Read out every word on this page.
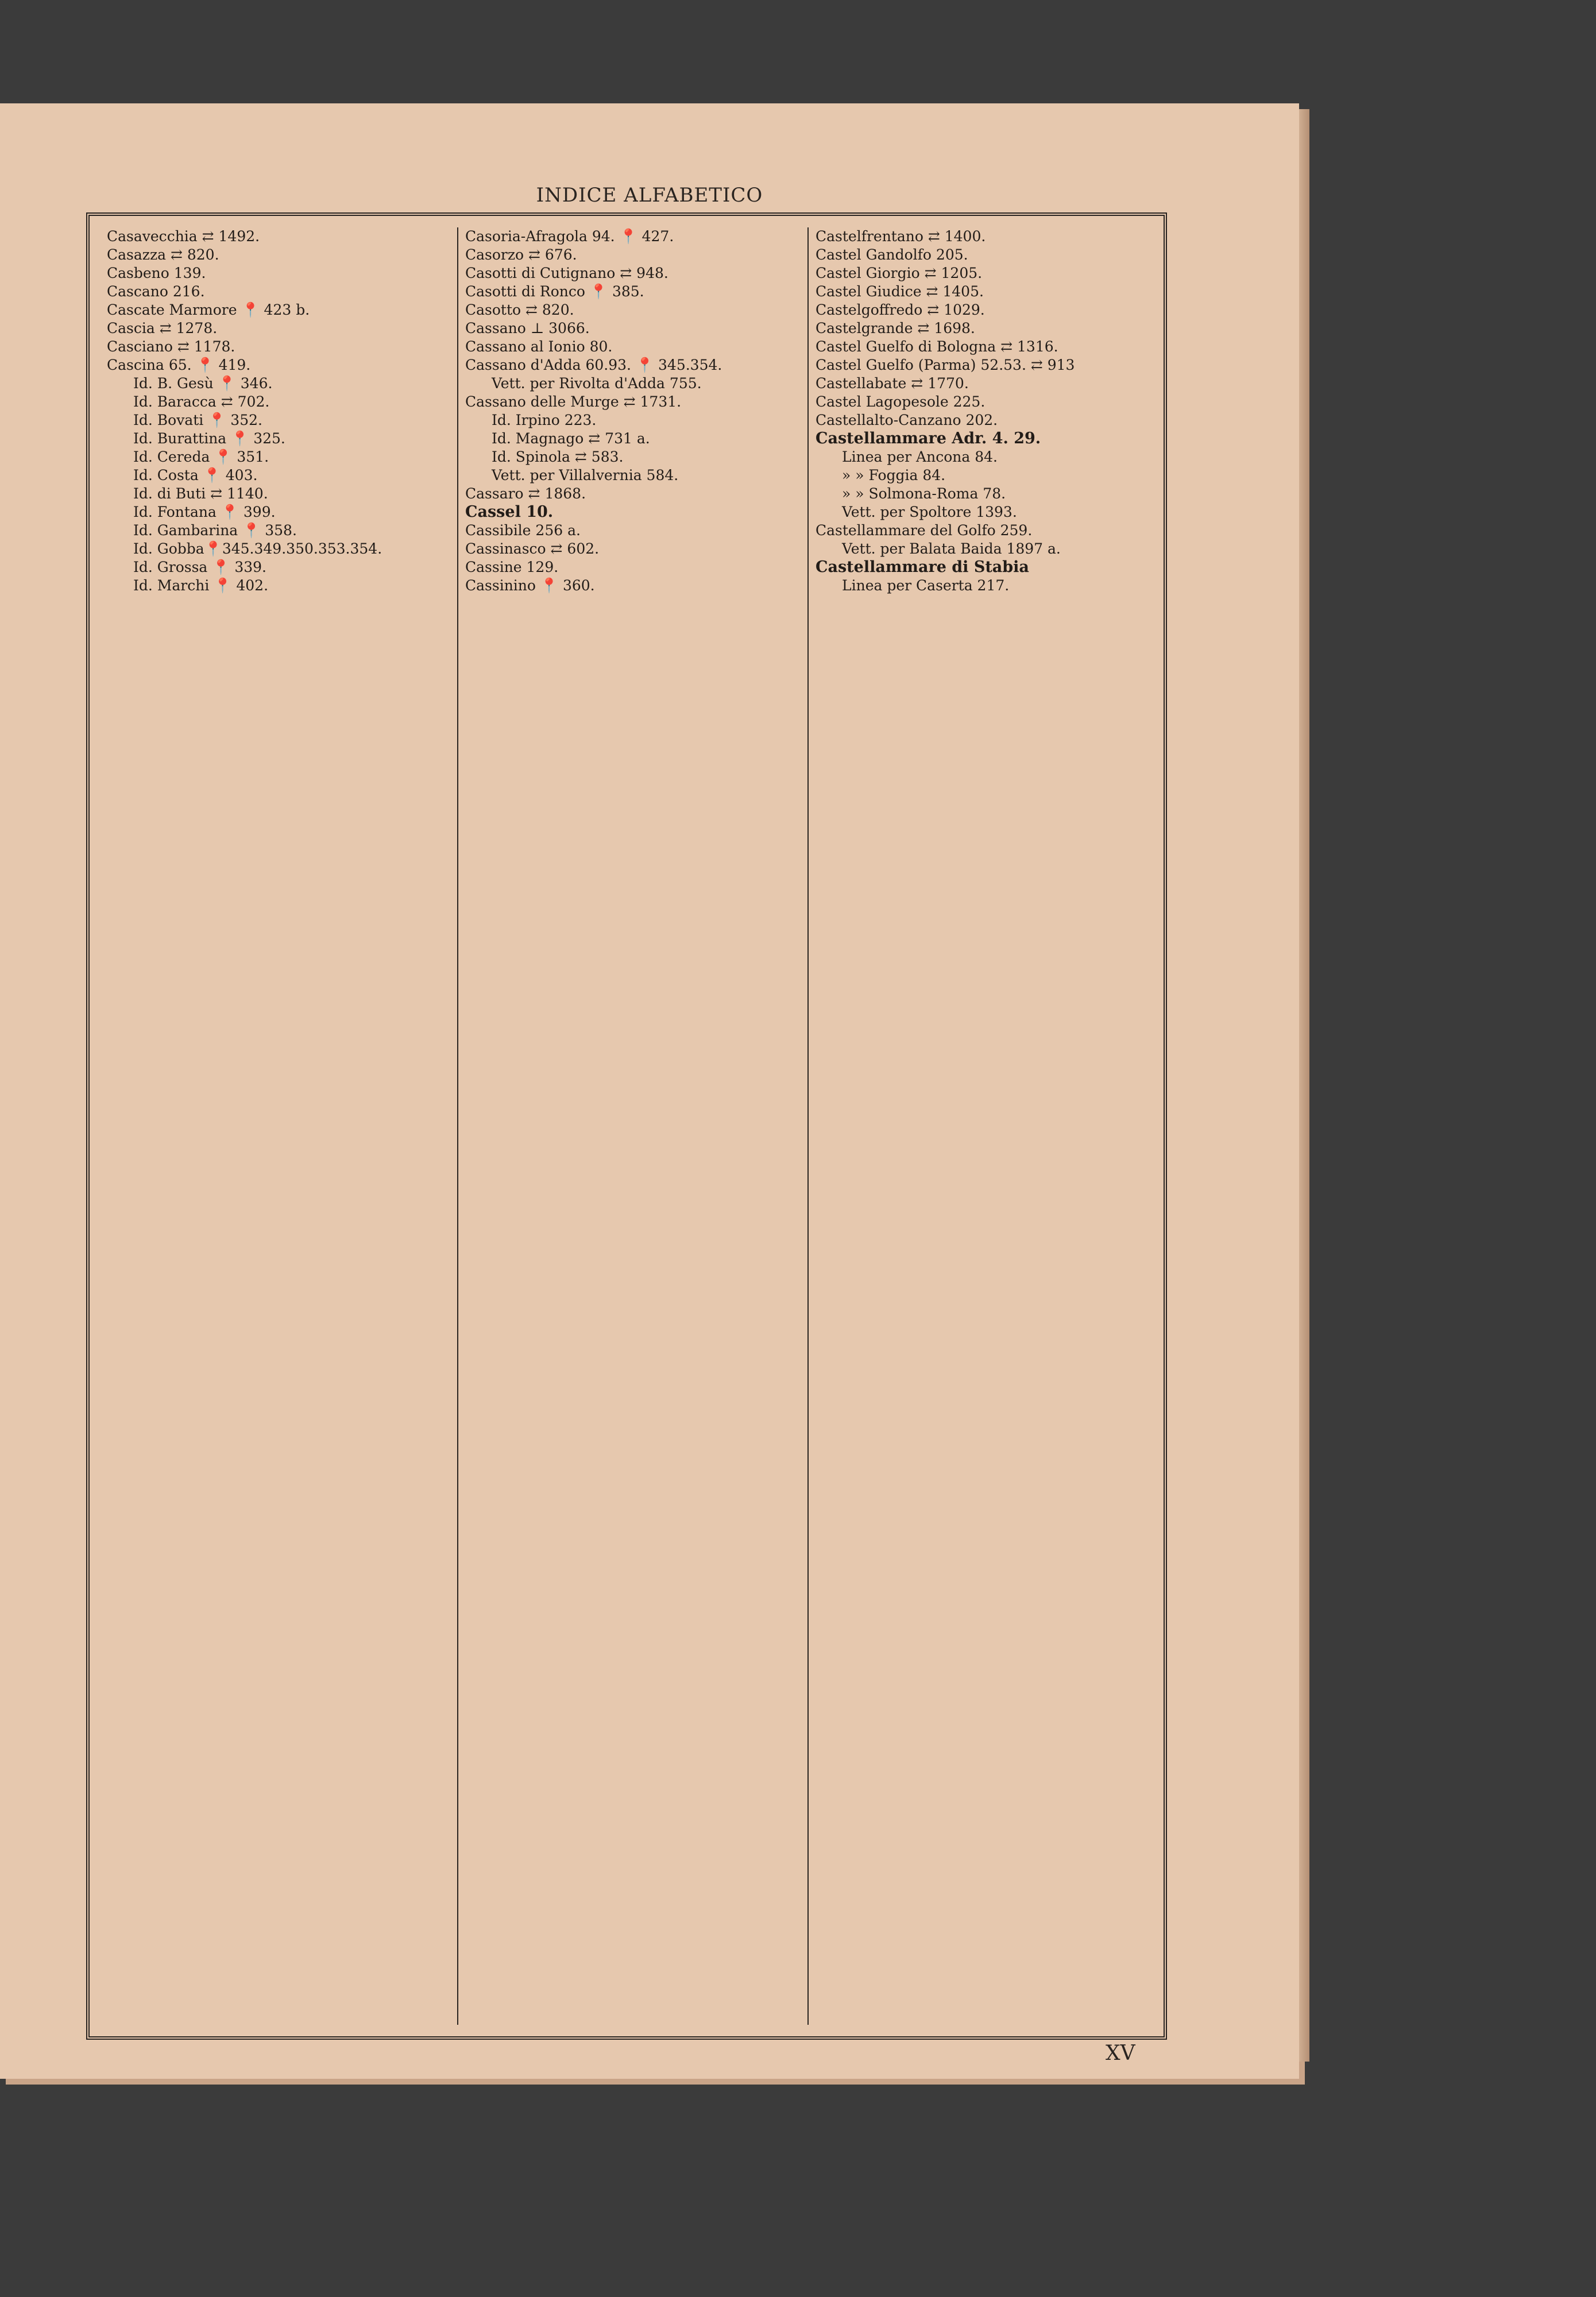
INDICE ALFABETICO
Casavecchia ⇄ 1492.
Casazza ⇄ 820.
Casbeno 139.
Cascano 216.
Cascate Marmore 📍 423 b.
Cascia ⇄ 1278.
Casciano ⇄ 1178.
Cascina 65. 📍 419.
Id. B. Gesù 📍 346.
Id. Baracca ⇄ 702.
Id. Bovati 📍 352.
Id. Burattina 📍 325.
Id. Cereda 📍 351.
Id. Costa 📍 403.
Id. di Buti ⇄ 1140.
Id. Fontana 📍 399.
Id. Gambarina 📍 358.
Id. Gobba📍345.349.350.353.354.
Id. Grossa 📍 339.
Id. Marchi 📍 402.
Casoria-Afragola 94. 📍 427.
Casorzo ⇄ 676.
Casotti di Cutignano ⇄ 948.
Casotti di Ronco 📍 385.
Casotto ⇄ 820.
Cassano ⊥ 3066.
Cassano al Ionio 80.
Cassano d'Adda 60.93. 📍 345.354.
Vett. per Rivolta d'Adda 755.
Cassano delle Murge ⇄ 1731.
Id. Irpino 223.
Id. Magnago ⇄ 731 a.
Id. Spinola ⇄ 583.
Vett. per Villalvernia 584.
Cassaro ⇄ 1868.
Cassel 10.
Cassibile 256 a.
Cassinasco ⇄ 602.
Cassine 129.
Cassinino 📍 360.
Castelfrentano ⇄ 1400.
Castel Gandolfo 205.
Castel Giorgio ⇄ 1205.
Castel Giudice ⇄ 1405.
Castelgoffredo ⇄ 1029.
Castelgrande ⇄ 1698.
Castel Guelfo di Bologna ⇄ 1316.
Castel Guelfo (Parma) 52.53. ⇄ 913
Castellabate ⇄ 1770.
Castel Lagopesole 225.
Castellalto-Canzano 202.
Castellammare Adr. 4. 29.
Linea per Ancona 84.
» » Foggia 84.
» » Solmona-Roma 78.
Vett. per Spoltore 1393.
Castellammare del Golfo 259.
Vett. per Balata Baida 1897 a.
Castellammare di Stabia
Linea per Caserta 217.
XV
